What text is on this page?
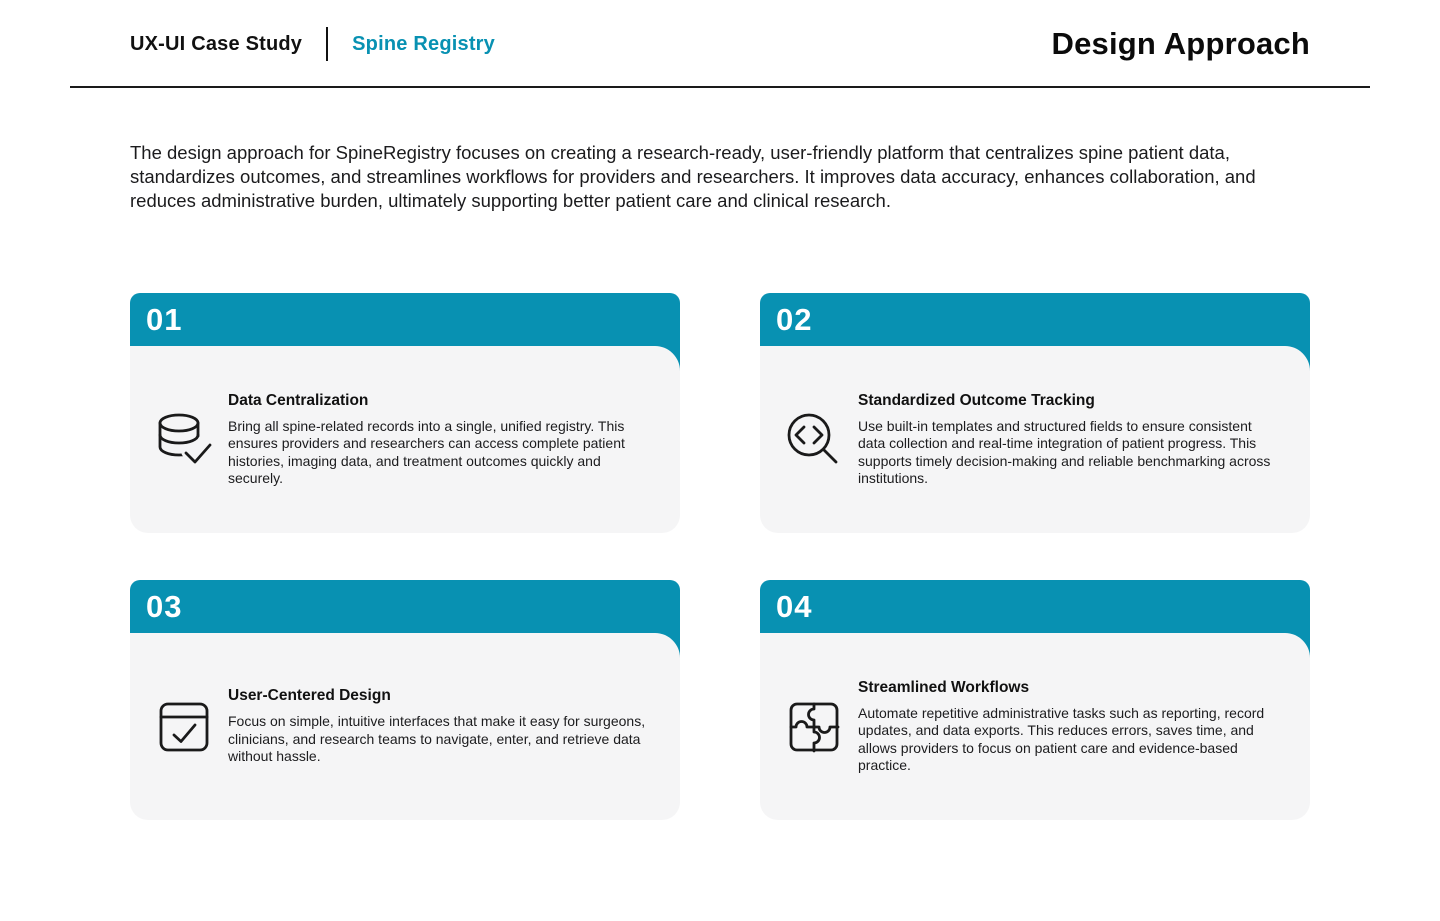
UX-UI Case Study	Spine Registry	Design Approach

The design approach for SpineRegistry focuses on creating a research-ready, user-friendly platform that centralizes spine patient data, standardizes outcomes, and streamlines workflows for providers and researchers. It improves data accuracy, enhances collaboration, and reduces administrative burden, ultimately supporting better patient care and clinical research.

01
Data Centralization

Bring all spine-related records into a single, unified registry. This ensures providers and researchers can access complete patient histories, imaging data, and treatment outcomes quickly and securely.

02
Standardized Outcome Tracking

Use built-in templates and structured fields to ensure consistent data collection and real-time integration of patient progress. This supports timely decision-making and reliable benchmarking across institutions.

03
User-Centered Design

Focus on simple, intuitive interfaces that make it easy for surgeons, clinicians, and research teams to navigate, enter, and retrieve data without hassle.

04
Streamlined Workflows

Automate repetitive administrative tasks such as reporting, record updates, and data exports. This reduces errors, saves time, and allows providers to focus on patient care and evidence-based practice.
